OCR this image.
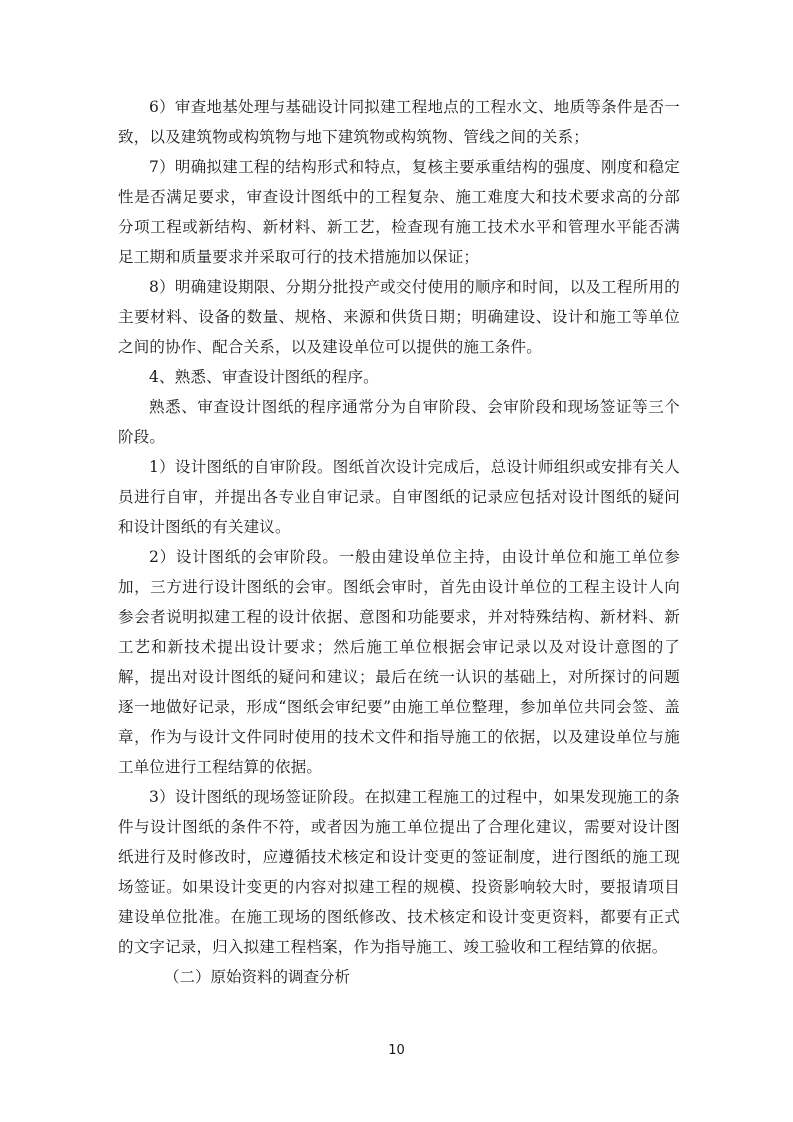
6）审查地基处理与基础设计同拟建工程地点的工程水文、地质等条件是否一致，以及建筑物或构筑物与地下建筑物或构筑物、管线之间的关系；

7）明确拟建工程的结构形式和特点，复核主要承重结构的强度、刚度和稳定性是否满足要求，审查设计图纸中的工程复杂、施工难度大和技术要求高的分部分项工程或新结构、新材料、新工艺，检查现有施工技术水平和管理水平能否满足工期和质量要求并采取可行的技术措施加以保证；

8）明确建设期限、分期分批投产或交付使用的顺序和时间，以及工程所用的主要材料、设备的数量、规格、来源和供货日期；明确建设、设计和施工等单位之间的协作、配合关系，以及建设单位可以提供的施工条件。

4、熟悉、审查设计图纸的程序。

熟悉、审查设计图纸的程序通常分为自审阶段、会审阶段和现场签证等三个阶段。

1）设计图纸的自审阶段。图纸首次设计完成后，总设计师组织或安排有关人员进行自审，并提出各专业自审记录。自审图纸的记录应包括对设计图纸的疑问和设计图纸的有关建议。

2）设计图纸的会审阶段。一般由建设单位主持，由设计单位和施工单位参加，三方进行设计图纸的会审。图纸会审时，首先由设计单位的工程主设计人向参会者说明拟建工程的设计依据、意图和功能要求，并对特殊结构、新材料、新工艺和新技术提出设计要求；然后施工单位根据会审记录以及对设计意图的了解，提出对设计图纸的疑问和建议；最后在统一认识的基础上，对所探讨的问题逐一地做好记录，形成“图纸会审纪要”由施工单位整理，参加单位共同会签、盖章，作为与设计文件同时使用的技术文件和指导施工的依据，以及建设单位与施工单位进行工程结算的依据。

3）设计图纸的现场签证阶段。在拟建工程施工的过程中，如果发现施工的条件与设计图纸的条件不符，或者因为施工单位提出了合理化建议，需要对设计图纸进行及时修改时，应遵循技术核定和设计变更的签证制度，进行图纸的施工现场签证。如果设计变更的内容对拟建工程的规模、投资影响较大时，要报请项目建设单位批准。在施工现场的图纸修改、技术核定和设计变更资料，都要有正式的文字记录，归入拟建工程档案，作为指导施工、竣工验收和工程结算的依据。

（二）原始资料的调查分析

10
